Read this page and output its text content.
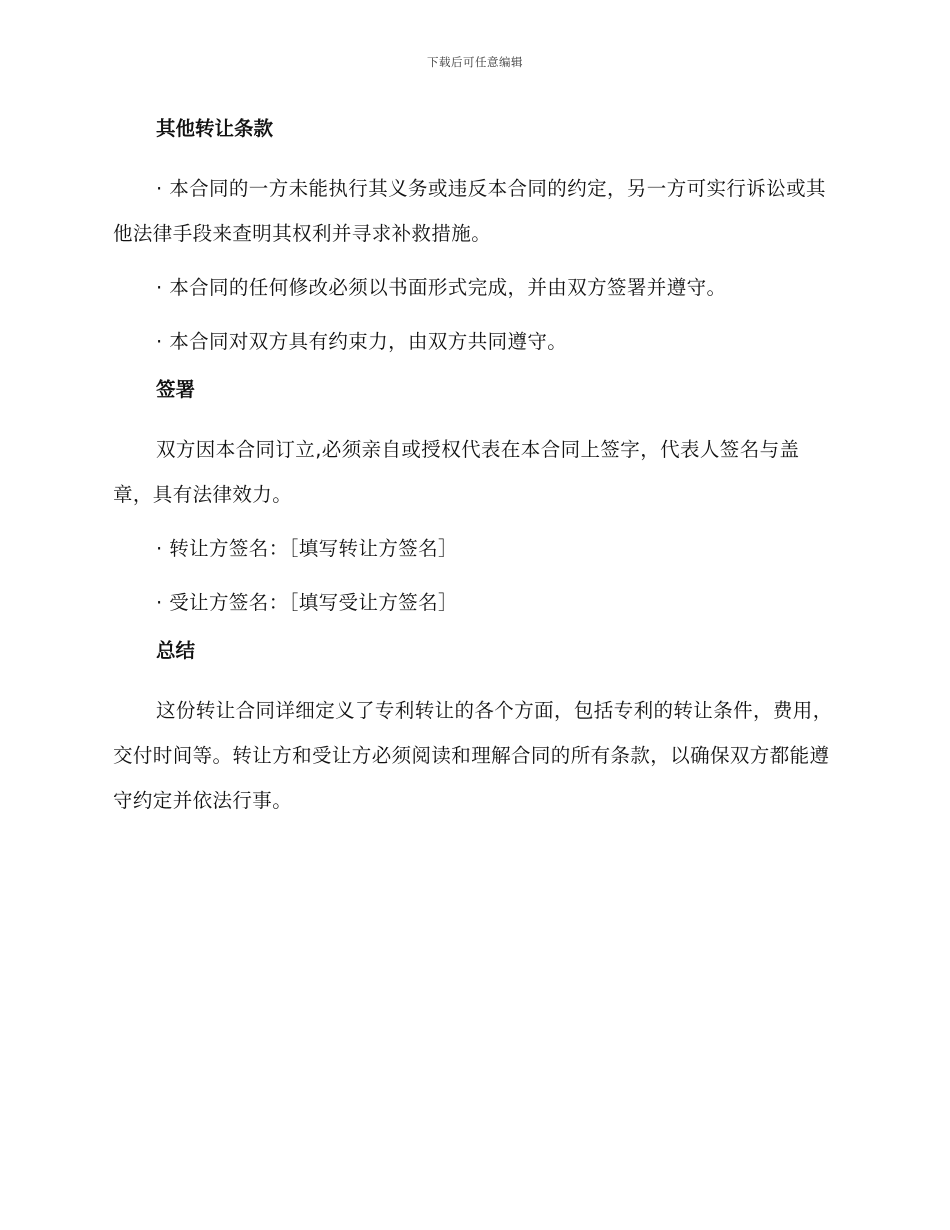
下载后可任意编辑
其他转让条款

· 本合同的一方未能执行其义务或违反本合同的约定，另一方可实行诉讼或其他法律手段来查明其权利并寻求补救措施。

· 本合同的任何修改必须以书面形式完成，并由双方签署并遵守。

· 本合同对双方具有约束力，由双方共同遵守。

签署

双方因本合同订立,必须亲自或授权代表在本合同上签字，代表人签名与盖章，具有法律效力。

· 转让方签名：［填写转让方签名］

· 受让方签名：［填写受让方签名］

总结

这份转让合同详细定义了专利转让的各个方面，包括专利的转让条件，费用，交付时间等。转让方和受让方必须阅读和理解合同的所有条款，以确保双方都能遵守约定并依法行事。
